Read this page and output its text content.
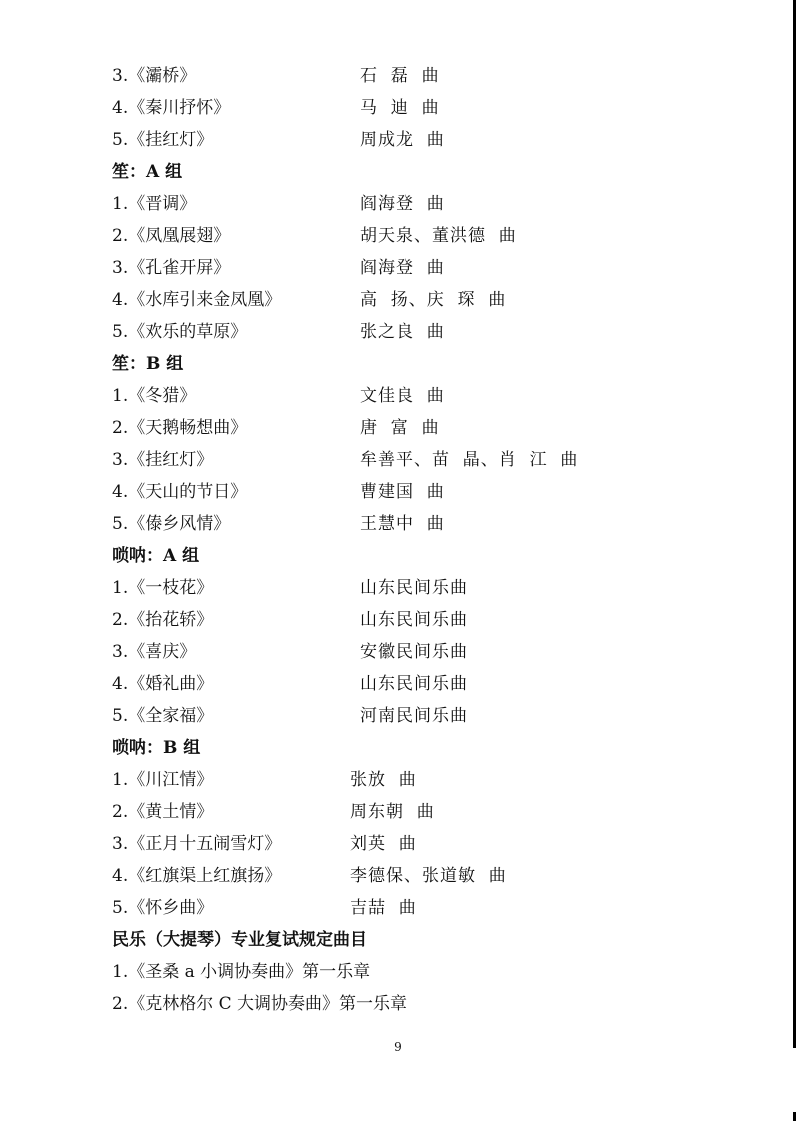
3.《灞桥》	石  磊  曲
4.《秦川抒怀》	马  迪  曲
5.《挂红灯》	周成龙  曲
笙：A 组
1.《晋调》	阎海登  曲
2.《凤凰展翅》	胡天泉、董洪德  曲
3.《孔雀开屏》	阎海登  曲
4.《水库引来金凤凰》	高  扬、庆  琛  曲
5.《欢乐的草原》	张之良  曲
笙：B 组
1.《冬猎》	文佳良  曲
2.《天鹅畅想曲》	唐  富  曲
3.《挂红灯》	牟善平、苗  晶、肖  江  曲
4.《天山的节日》	曹建国  曲
5.《傣乡风情》	王慧中  曲
唢呐：A 组
1.《一枝花》	山东民间乐曲
2.《抬花轿》	山东民间乐曲
3.《喜庆》	安徽民间乐曲
4.《婚礼曲》	山东民间乐曲
5.《全家福》	河南民间乐曲
唢呐：B 组
1.《川江情》	张放  曲
2.《黄土情》	周东朝  曲
3.《正月十五闹雪灯》	刘英  曲
4.《红旗渠上红旗扬》	李德保、张道敏  曲
5.《怀乡曲》	吉喆  曲
民乐（大提琴）专业复试规定曲目
1.《圣桑 a 小调协奏曲》第一乐章
2.《克林格尔 C 大调协奏曲》第一乐章
9
